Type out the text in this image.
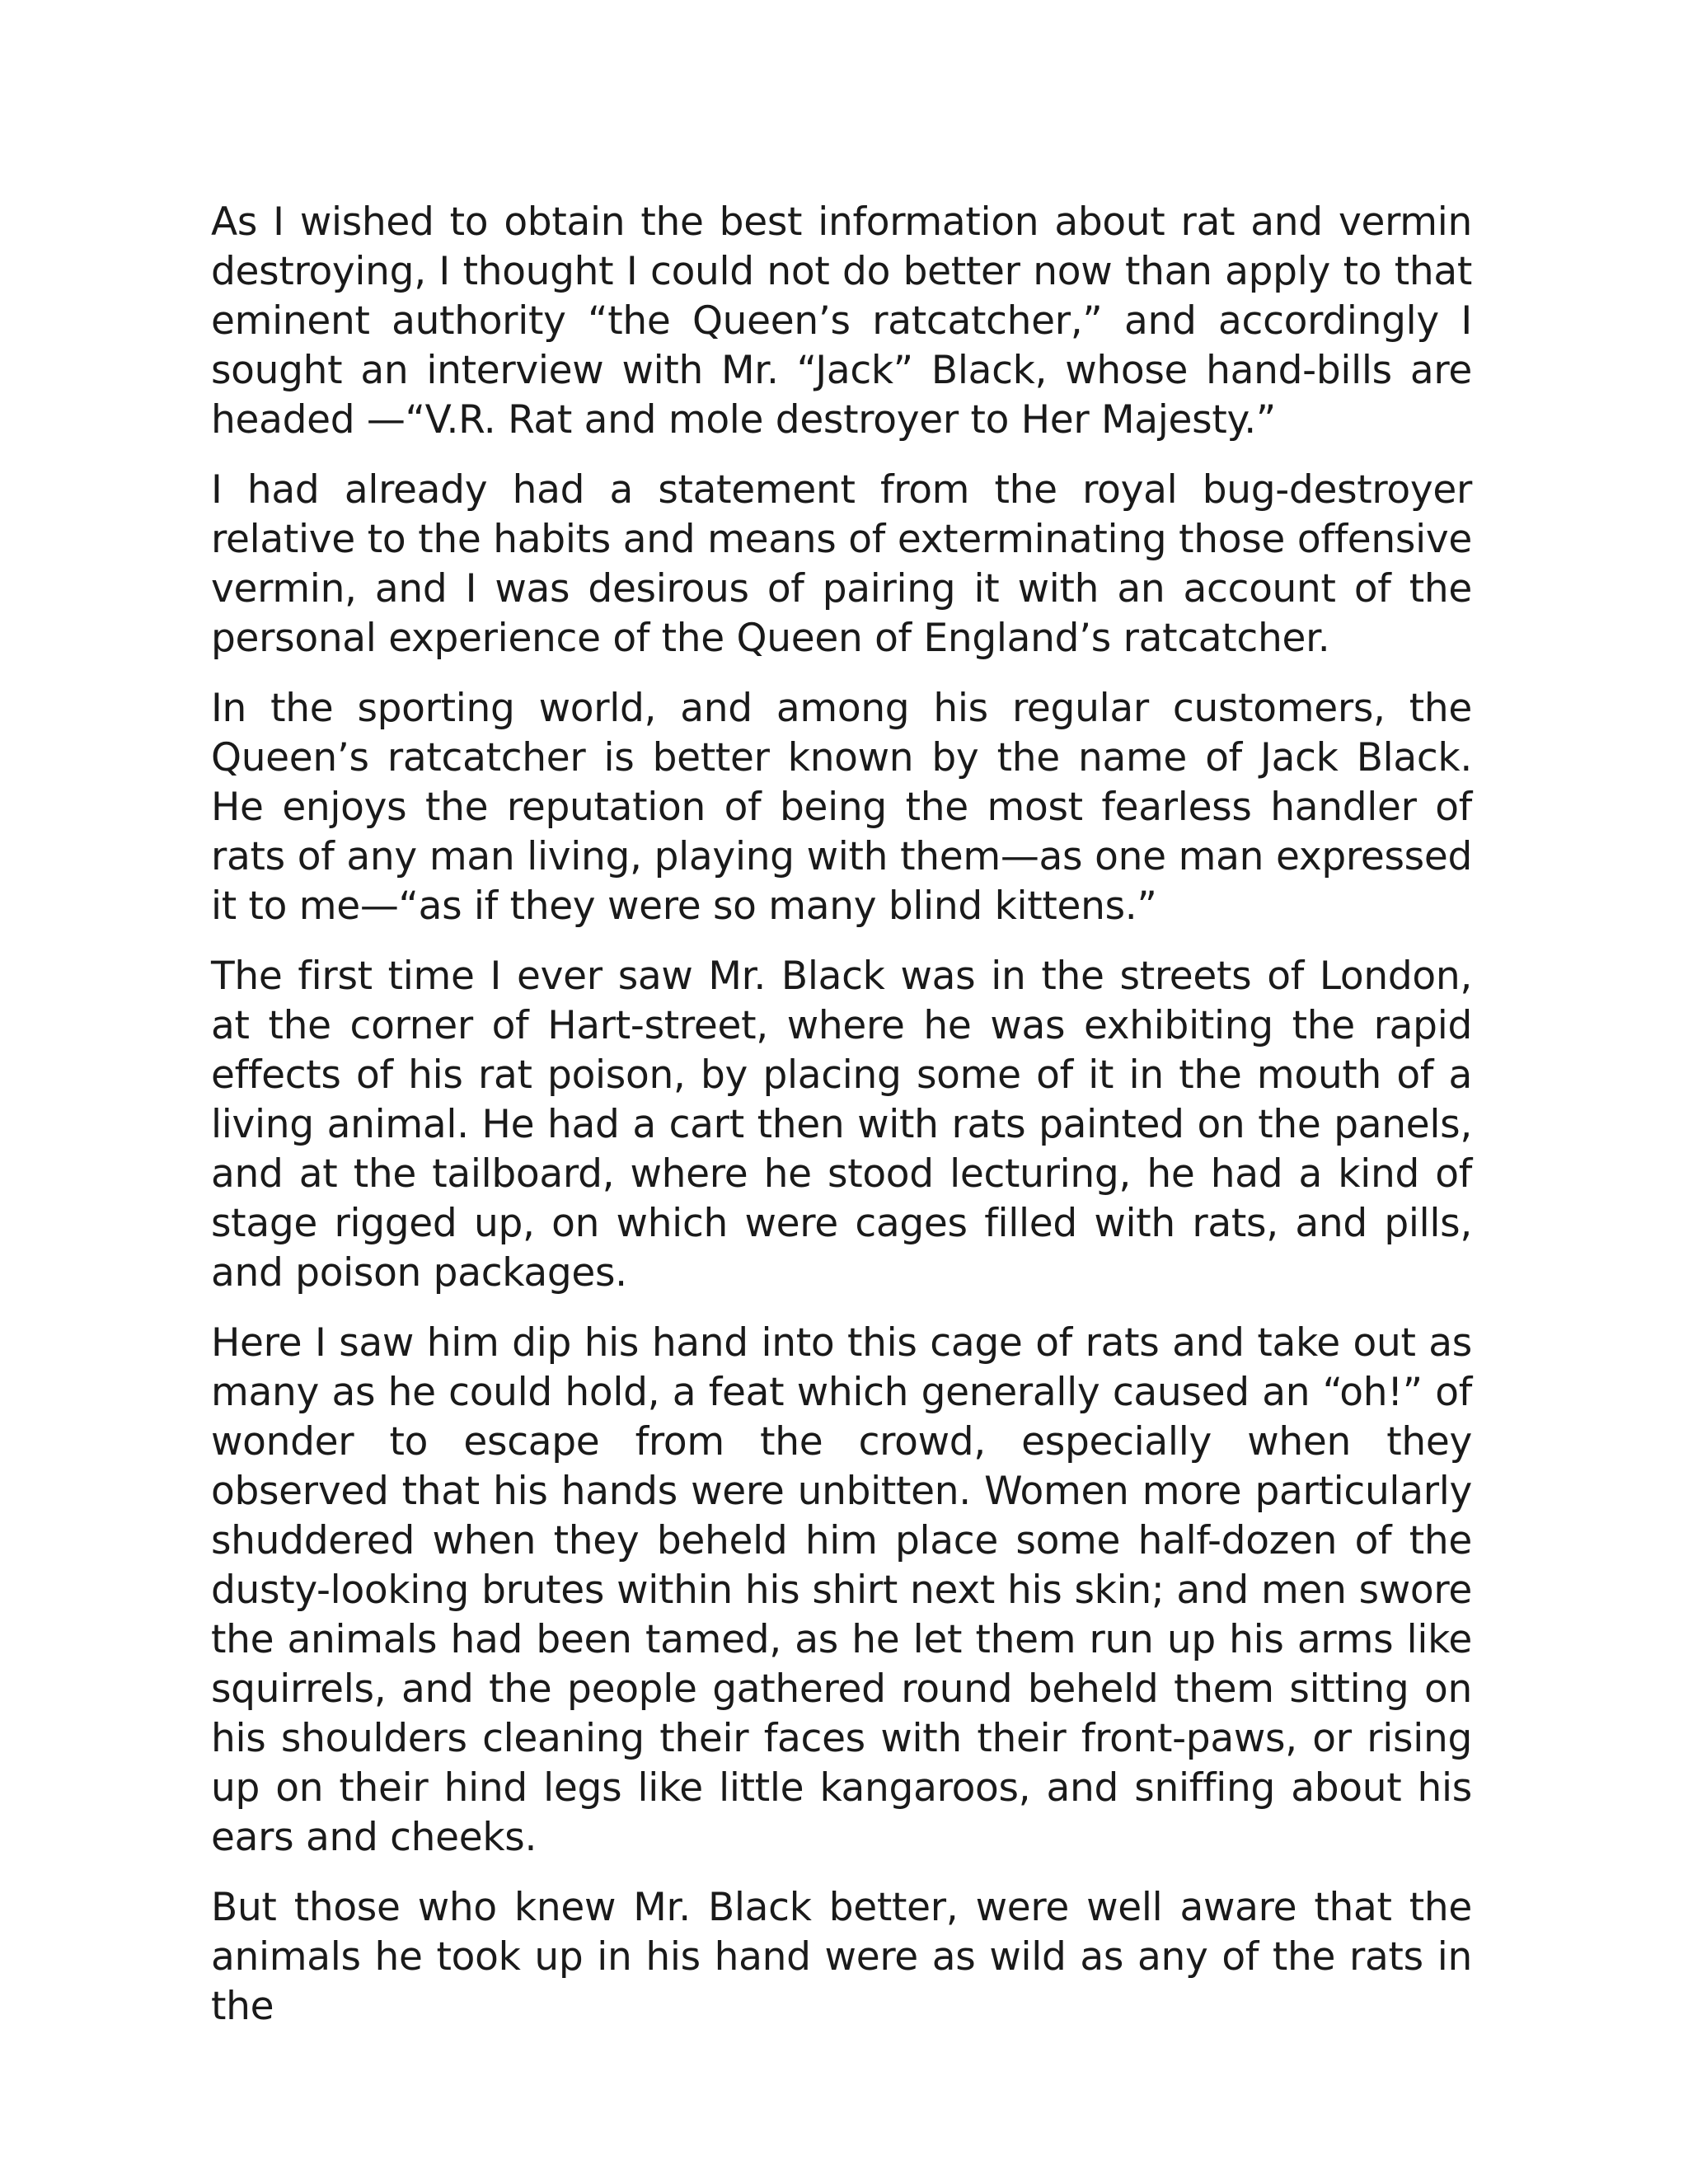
As I wished to obtain the best information about rat and vermin destroying, I thought I could not do better now than apply to that eminent authority “the Queen’s ratcatcher,” and accordingly I sought an interview with Mr. “Jack” Black, whose hand-bills are headed —“V.R. Rat and mole destroyer to Her Majesty.”

I had already had a statement from the royal bug-destroyer relative to the habits and means of exterminating those offensive vermin, and I was desirous of pairing it with an account of the personal experience of the Queen of England’s ratcatcher.

In the sporting world, and among his regular customers, the Queen’s ratcatcher is better known by the name of Jack Black. He enjoys the reputation of being the most fearless handler of rats of any man living, playing with them—as one man expressed it to me—“as if they were so many blind kittens.”

The first time I ever saw Mr. Black was in the streets of London, at the corner of Hart-street, where he was exhibiting the rapid effects of his rat poison, by placing some of it in the mouth of a living animal. He had a cart then with rats painted on the panels, and at the tailboard, where he stood lecturing, he had a kind of stage rigged up, on which were cages filled with rats, and pills, and poison packages.

Here I saw him dip his hand into this cage of rats and take out as many as he could hold, a feat which generally caused an “oh!” of wonder to escape from the crowd, especially when they observed that his hands were unbitten. Women more particularly shuddered when they beheld him place some half-dozen of the dusty-looking brutes within his shirt next his skin; and men swore the animals had been tamed, as he let them run up his arms like squirrels, and the people gathered round beheld them sitting on his shoulders cleaning their faces with their front-paws, or rising up on their hind legs like little kangaroos, and sniffing about his ears and cheeks.

But those who knew Mr. Black better, were well aware that the animals he took up in his hand were as wild as any of the rats in the
